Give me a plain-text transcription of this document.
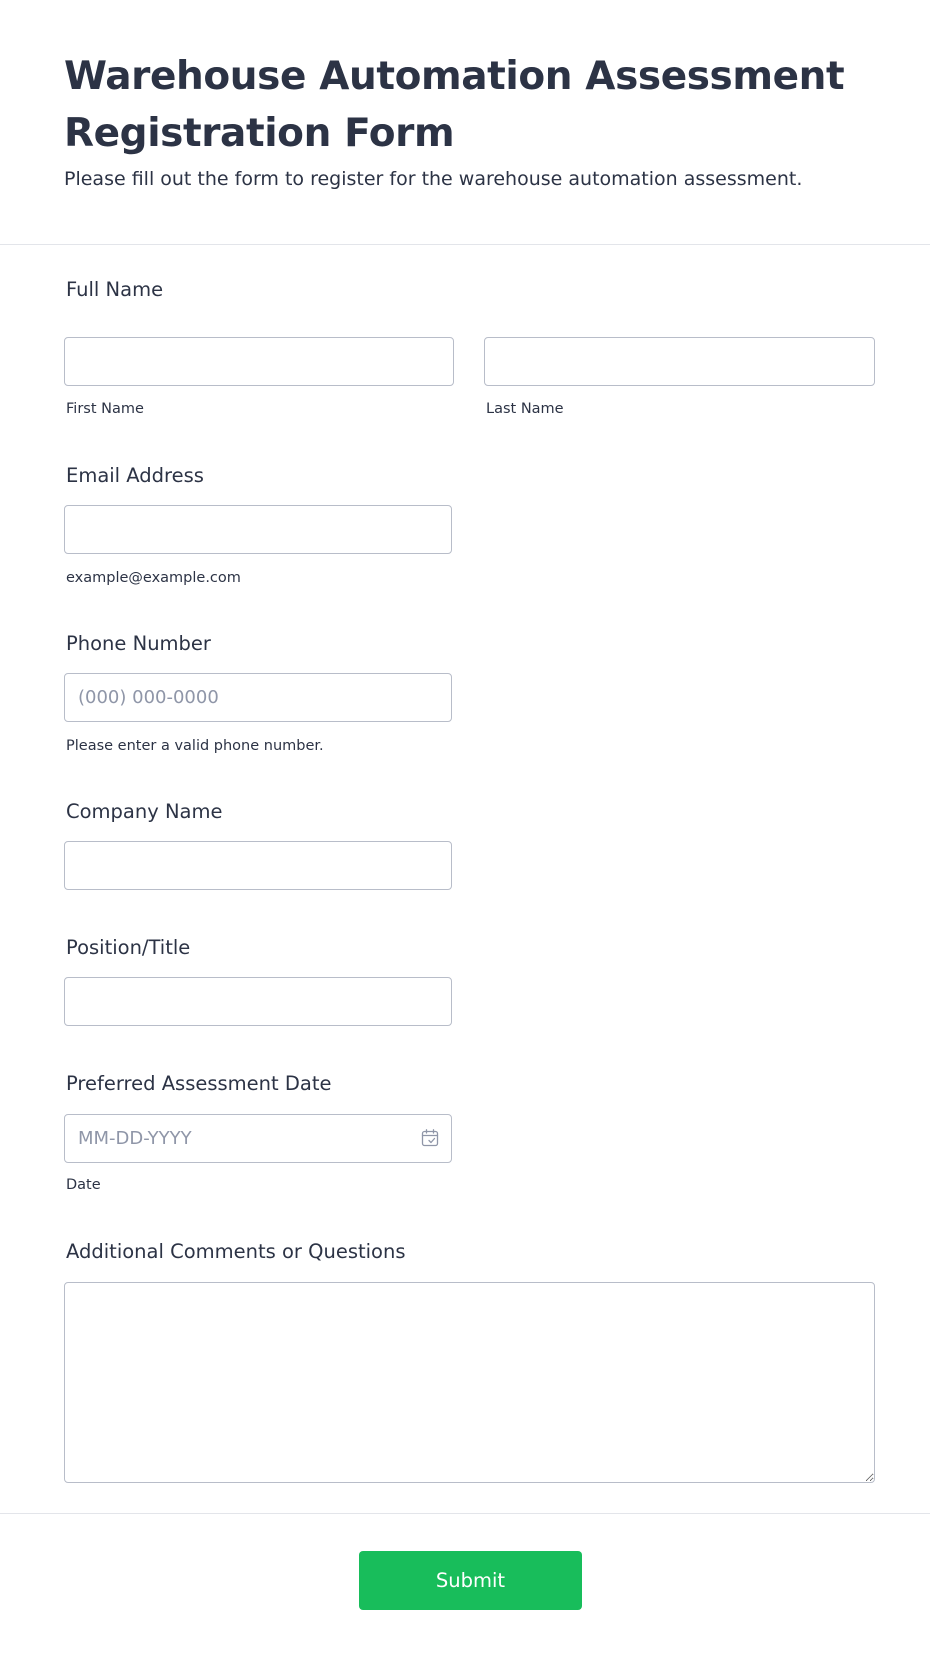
Warehouse Automation Assessment Registration Form

Please fill out the form to register for the warehouse automation assessment.

Full Name
First Name	Last Name
Email Address
example@example.com
Phone Number
(000) 000-0000
Please enter a valid phone number.
Company Name
Position/Title
Preferred Assessment Date
MM-DD-YYYY
Date
Additional Comments or Questions
Submit
